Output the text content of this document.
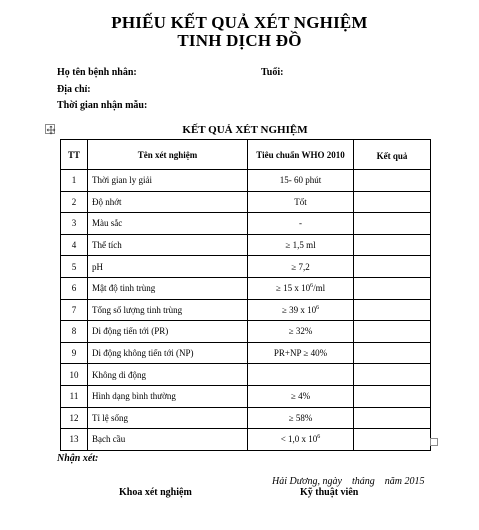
PHIẾU KẾT QUẢ XÉT NGHIỆM
TINH DỊCH ĐỒ
Họ tên bệnh nhân:	Tuổi:
Địa chỉ:
Thời gian nhận mẫu:
KẾT QUẢ XÉT NGHIỆM
TT	Tên xét nghiệm	Tiêu chuẩn WHO 2010	Kết quả
1	Thời gian ly giải	15- 60 phút	
2	Độ nhớt	Tốt	
3	Màu sắc	-	
4	Thể tích	≥ 1,5 ml	
5	pH	≥ 7,2	
6	Mật độ tinh trùng	≥ 15 x $10^6/ml$	
7	Tổng số lượng tinh trùng	≥ 39 x $10^6$	
8	Di động tiến tới (PR)	≥ 32%	
9	Di động không tiến tới (NP)	PR+NP ≥ 40%	
10	Không di động		
11	Hình dạng bình thường	≥ 4%	
12	Tỉ lệ sống	≥ 58%	
13	Bạch cầu	< 1,0 x $10^6$	
Nhận xét:
Hải Dương, ngày    tháng    năm 2015
Khoa xét nghiệm	Kỹ thuật viên
